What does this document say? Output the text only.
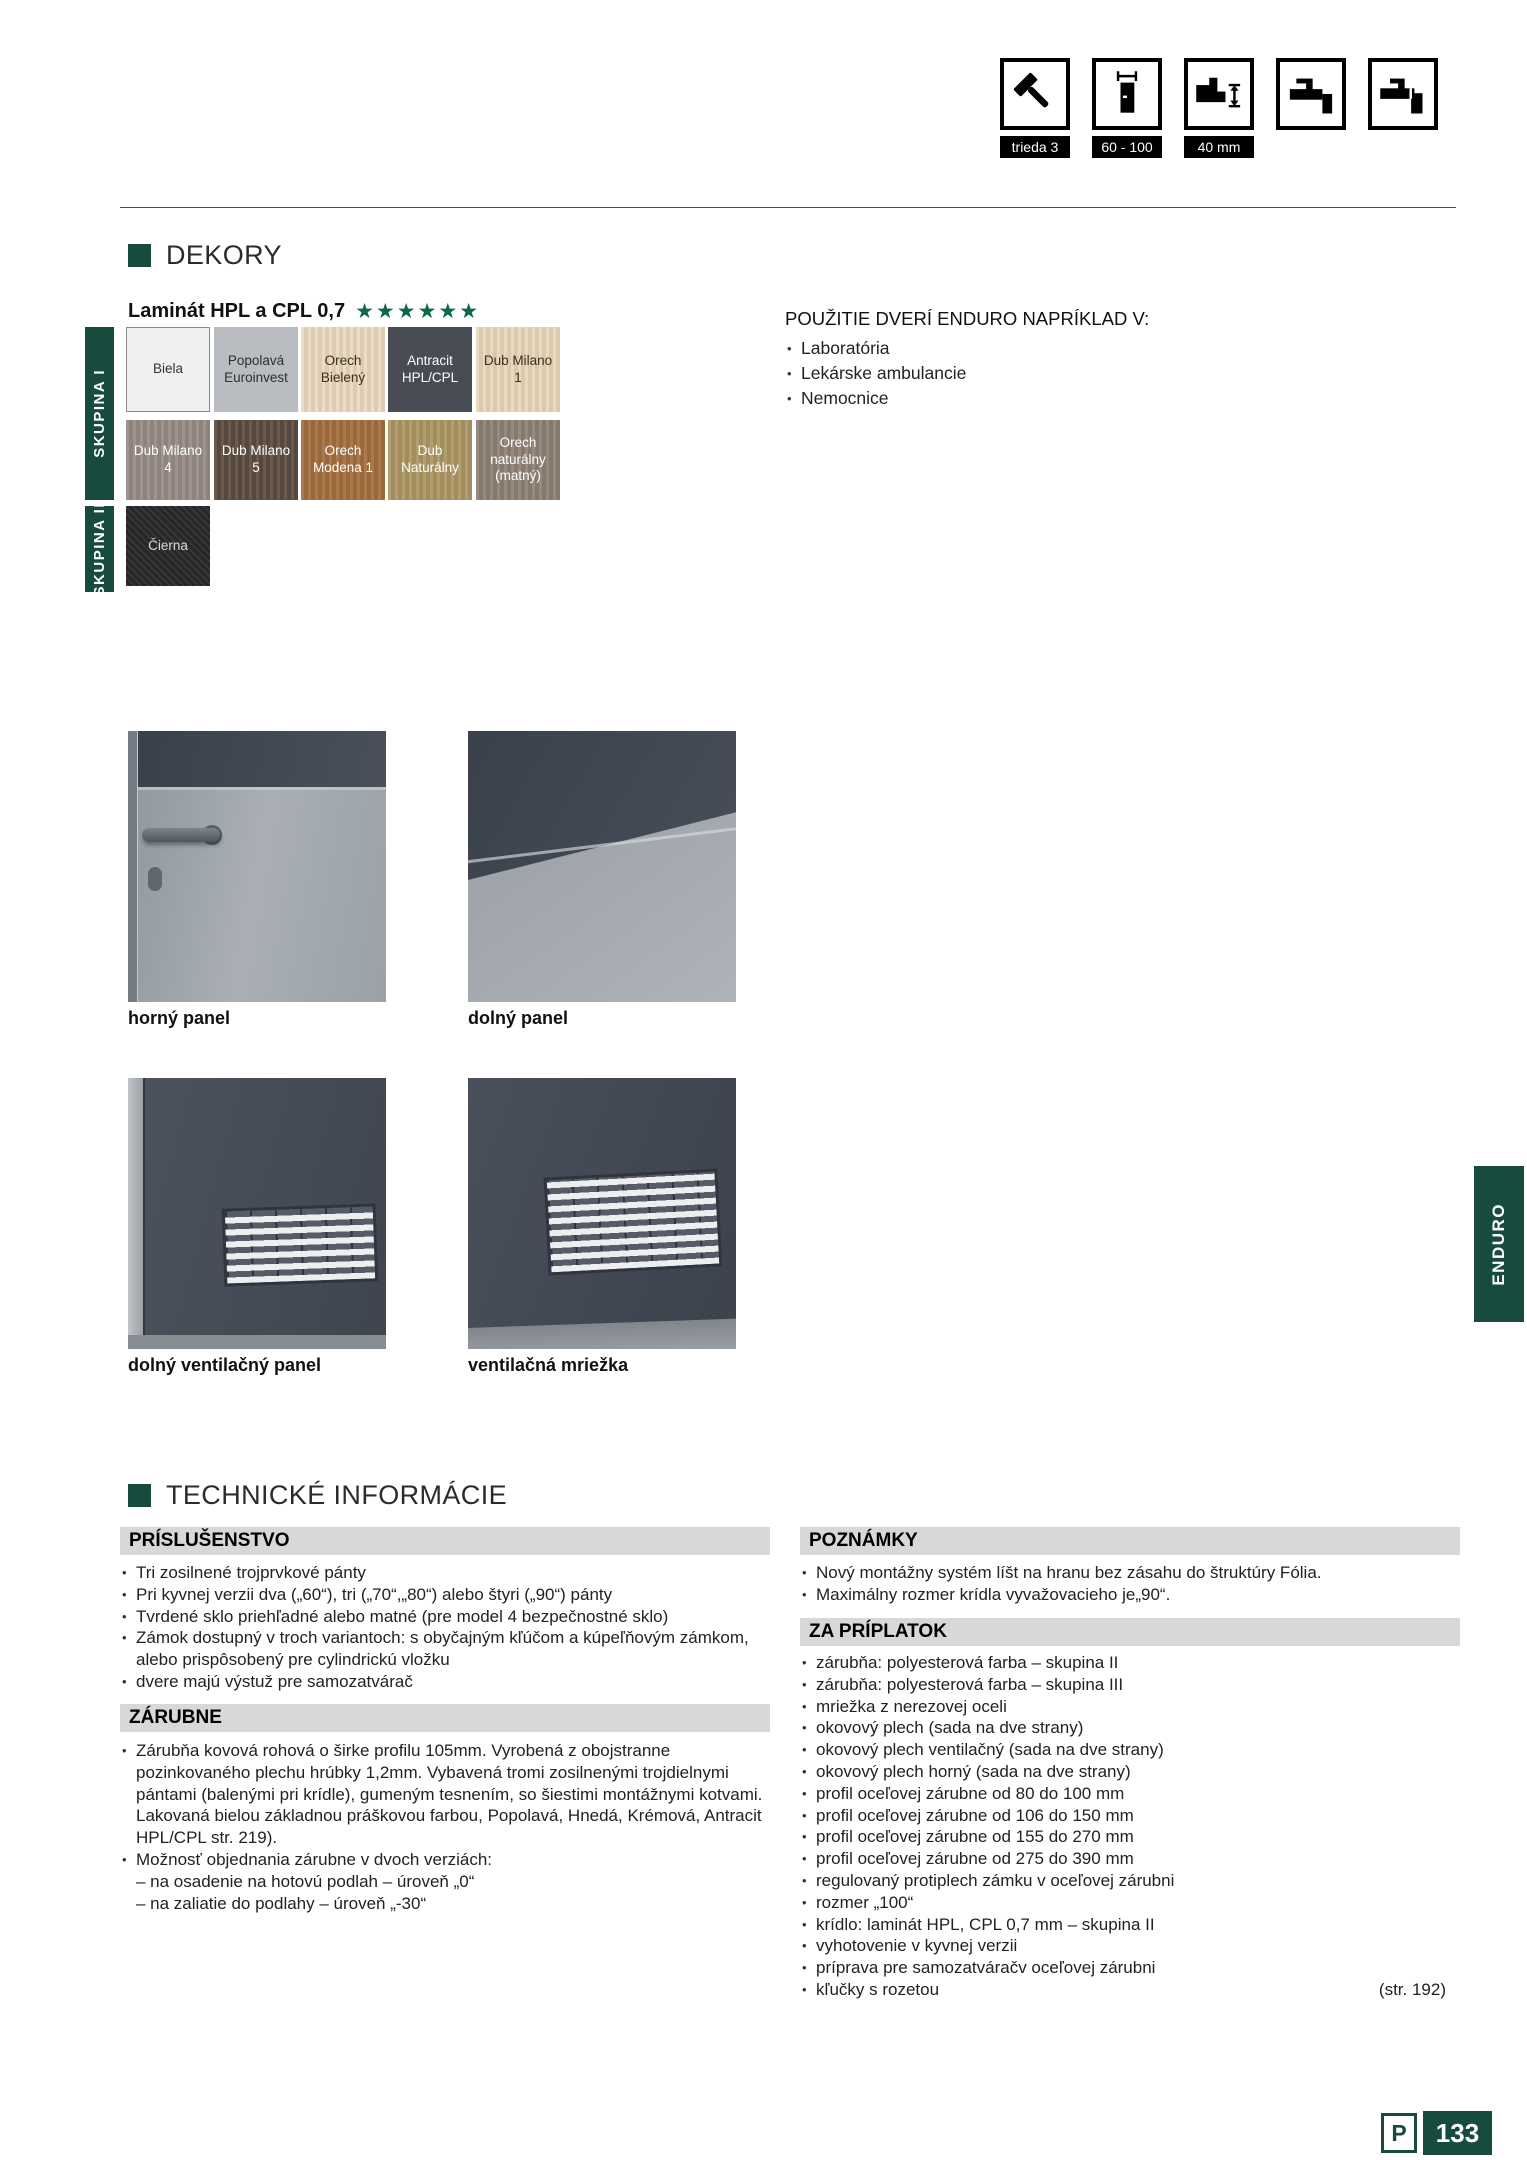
trieda 3	60 - 100	40 mm
DEKORY
Laminát HPL a CPL 0,7 ★★★★★★
SKUPINA I
SKUPINA II
Biela
Popolavá Euroinvest
Orech Bielený
Antracit HPL/CPL
Dub Milano 1
Dub Milano 4
Dub Milano 5
Orech Modena 1
Dub Naturálny
Orech naturálny (matný)
Čierna
POUŽITIE DVERÍ ENDURO NAPRÍKLAD V:
• Laboratória
• Lekárske ambulancie
• Nemocnice
horný panel	dolný panel
dolný ventilačný panel	ventilačná mriežka
TECHNICKÉ INFORMÁCIE
PRÍSLUŠENSTVO
• Tri zosilnené trojprvkové pánty
• Pri kyvnej verzii dva („60“), tri („70“,„80“) alebo štyri („90“) pánty
• Tvrdené sklo priehľadné alebo matné (pre model 4 bezpečnostné sklo)
• Zámok dostupný v troch variantoch: s obyčajným kľúčom a kúpeľňovým zámkom, alebo prispôsobený pre cylindrickú vložku
• dvere majú výstuž pre samozatvárač
ZÁRUBNE
• Zárubňa kovová rohová o širke profilu 105mm. Vyrobená z obojstranne pozinkovaného plechu hrúbky 1,2mm. Vybavená tromi zosilnenými trojdielnymi pántami (balenými pri krídle), gumeným tesnením, so šiestimi montážnymi kotvami. Lakovaná bielou základnou práškovou farbou, Popolavá, Hnedá, Krémová, Antracit HPL/CPL str. 219).
• Možnosť objednania zárubne v dvoch verziách:
– na osadenie na hotovú podlah – úroveň „0“
– na zaliatie do podlahy – úroveň „-30“
POZNÁMKY
• Nový montážny systém líšt na hranu bez zásahu do štruktúry Fólia.
• Maximálny rozmer krídla vyvažovacieho je„90“.
ZA PRÍPLATOK
• zárubňa: polyesterová farba – skupina II
• zárubňa: polyesterová farba – skupina III
• mriežka z nerezovej oceli
• okovový plech (sada na dve strany)
• okovový plech ventilačný (sada na dve strany)
• okovový plech horný (sada na dve strany)
• profil oceľovej zárubne od 80 do 100 mm
• profil oceľovej zárubne od 106 do 150 mm
• profil oceľovej zárubne od 155 do 270 mm
• profil oceľovej zárubne od 275 do 390 mm
• regulovaný protiplech zámku v oceľovej zárubni
• rozmer „100“
• krídlo: laminát HPL, CPL 0,7 mm – skupina II
• vyhotovenie v kyvnej verzii
• príprava pre samozatváračv oceľovej zárubni
• kľučky s rozetou	(str. 192)
ENDURO
P 133
